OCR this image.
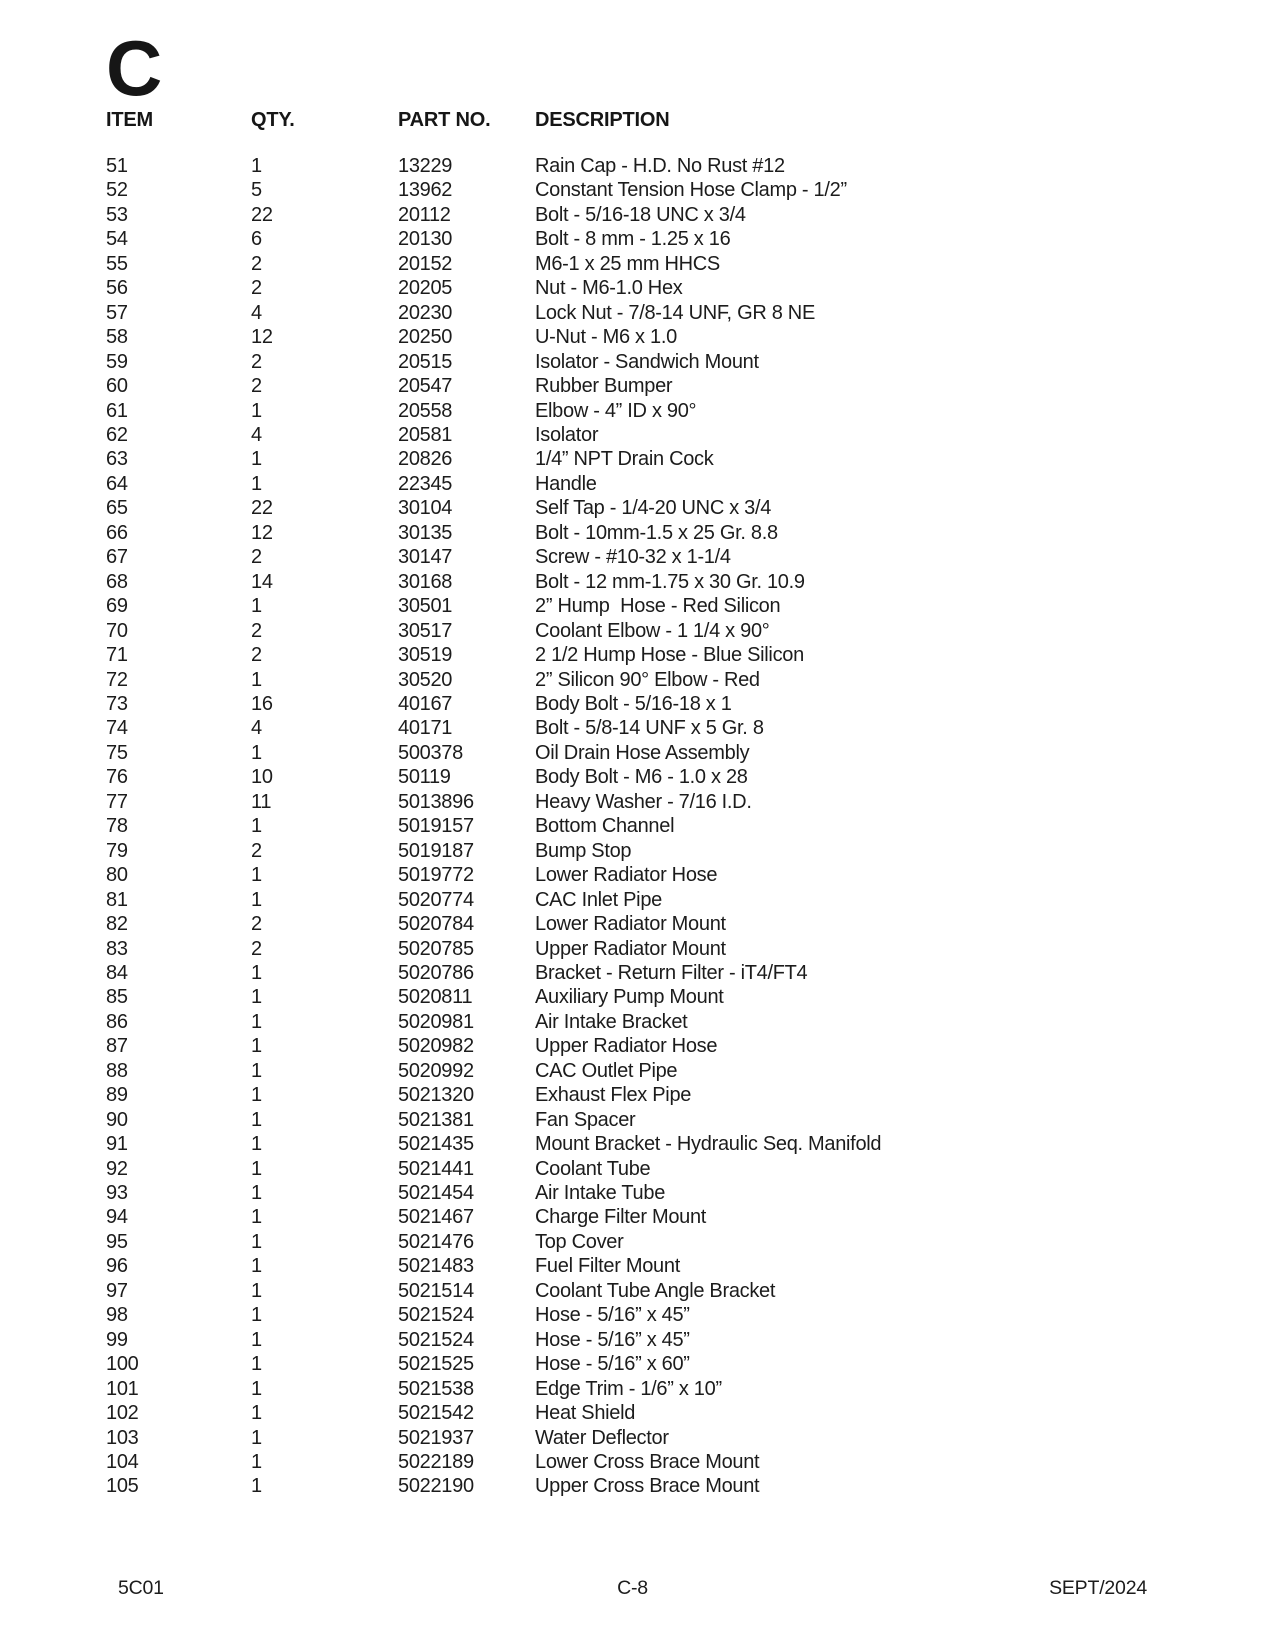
C
ITEM	QTY.	PART NO.	DESCRIPTION
51	1	13229	Rain Cap - H.D. No Rust #12
52	5	13962	Constant Tension Hose Clamp - 1/2”
53	22	20112	Bolt - 5/16-18 UNC x 3/4
54	6	20130	Bolt - 8 mm - 1.25 x 16
55	2	20152	M6-1 x 25 mm HHCS
56	2	20205	Nut - M6-1.0 Hex
57	4	20230	Lock Nut - 7/8-14 UNF, GR 8 NE
58	12	20250	U-Nut - M6 x 1.0
59	2	20515	Isolator - Sandwich Mount
60	2	20547	Rubber Bumper
61	1	20558	Elbow - 4” ID x 90°
62	4	20581	Isolator
63	1	20826	1/4” NPT Drain Cock
64	1	22345	Handle
65	22	30104	Self Tap - 1/4-20 UNC x 3/4
66	12	30135	Bolt - 10mm-1.5 x 25 Gr. 8.8
67	2	30147	Screw - #10-32 x 1-1/4
68	14	30168	Bolt - 12 mm-1.75 x 30 Gr. 10.9
69	1	30501	2” Hump  Hose - Red Silicon
70	2	30517	Coolant Elbow - 1 1/4 x 90°
71	2	30519	2 1/2 Hump Hose - Blue Silicon
72	1	30520	2” Silicon 90° Elbow - Red
73	16	40167	Body Bolt - 5/16-18 x 1
74	4	40171	Bolt - 5/8-14 UNF x 5 Gr. 8
75	1	500378	Oil Drain Hose Assembly
76	10	50119	Body Bolt - M6 - 1.0 x 28
77	11	5013896	Heavy Washer - 7/16 I.D.
78	1	5019157	Bottom Channel
79	2	5019187	Bump Stop
80	1	5019772	Lower Radiator Hose
81	1	5020774	CAC Inlet Pipe
82	2	5020784	Lower Radiator Mount
83	2	5020785	Upper Radiator Mount
84	1	5020786	Bracket - Return Filter - iT4/FT4
85	1	5020811	Auxiliary Pump Mount
86	1	5020981	Air Intake Bracket
87	1	5020982	Upper Radiator Hose
88	1	5020992	CAC Outlet Pipe
89	1	5021320	Exhaust Flex Pipe
90	1	5021381	Fan Spacer
91	1	5021435	Mount Bracket - Hydraulic Seq. Manifold
92	1	5021441	Coolant Tube
93	1	5021454	Air Intake Tube
94	1	5021467	Charge Filter Mount
95	1	5021476	Top Cover
96	1	5021483	Fuel Filter Mount
97	1	5021514	Coolant Tube Angle Bracket
98	1	5021524	Hose - 5/16” x 45”
99	1	5021524	Hose - 5/16” x 45”
100	1	5021525	Hose - 5/16” x 60”
101	1	5021538	Edge Trim - 1/6” x 10”
102	1	5021542	Heat Shield
103	1	5021937	Water Deflector
104	1	5022189	Lower Cross Brace Mount
105	1	5022190	Upper Cross Brace Mount
5C01	C-8	SEPT/2024
